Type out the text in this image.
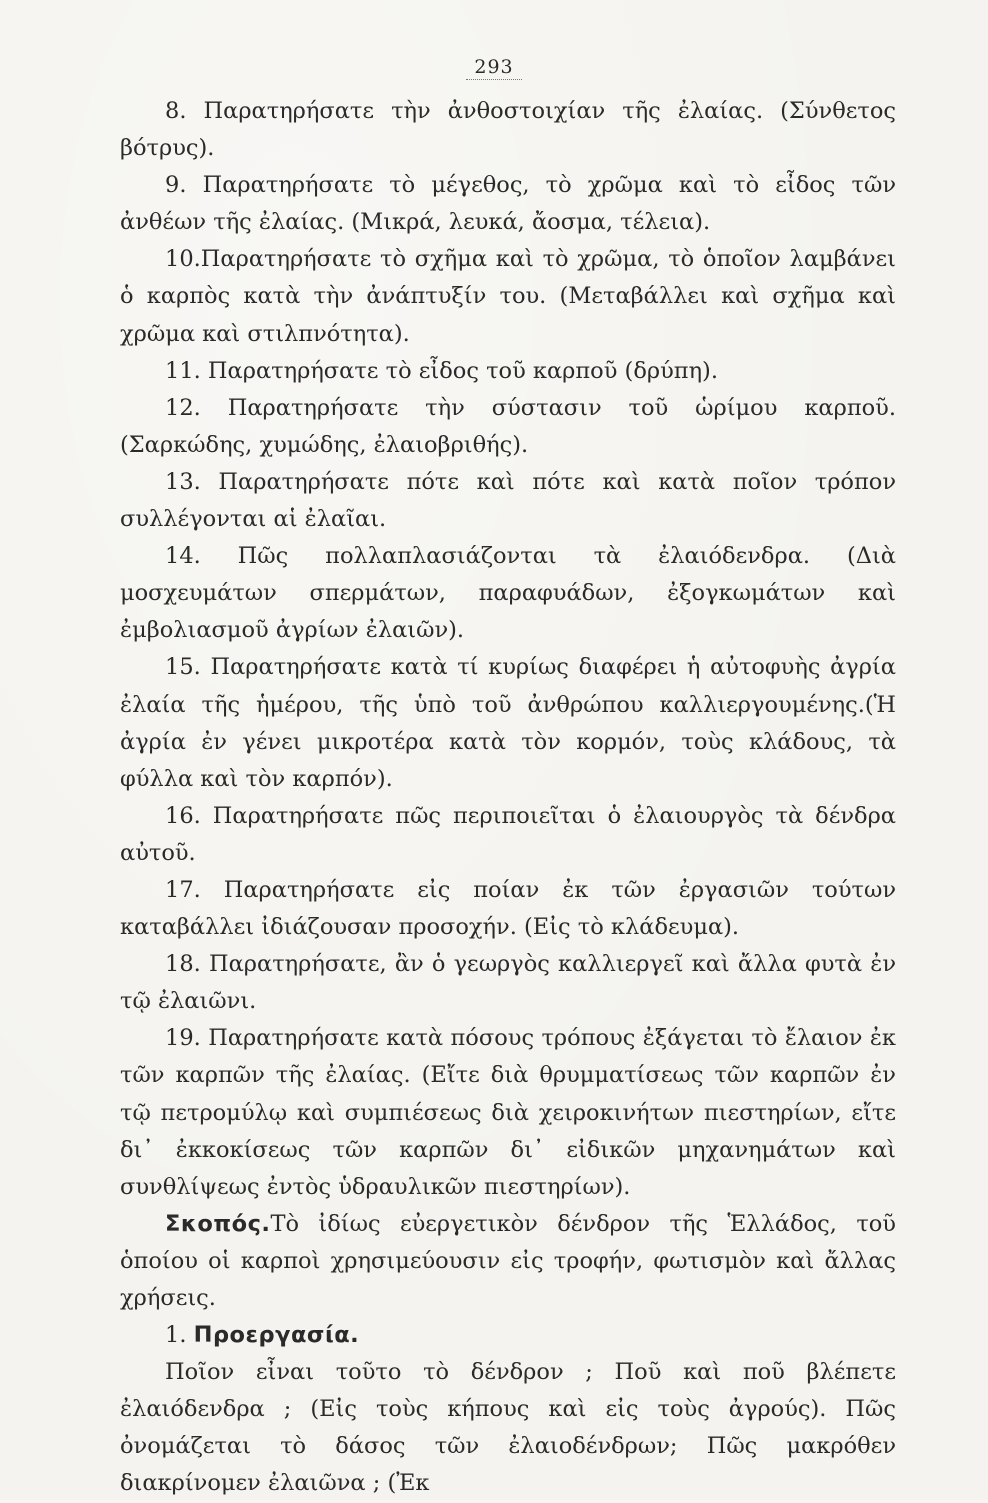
293

8. Παρατηρήσατε τὴν ἀνθοστοιχίαν τῆς ἐλαίας. (Σύνθετος βότρυς).

9. Παρατηρήσατε τὸ μέγεθος, τὸ χρῶμα καὶ τὸ εἶδος τῶν ἀνθέων τῆς ἐλαίας. (Μικρά, λευκά, ἄοσμα, τέλεια).

10.Παρατηρήσατε τὸ σχῆμα καὶ τὸ χρῶμα, τὸ ὁποῖον λαμβάνει ὁ καρπὸς κατὰ τὴν ἀνάπτυξίν του. (Μεταβάλλει καὶ σχῆμα καὶ χρῶμα καὶ στιλπνότητα).

11. Παρατηρήσατε τὸ εἶδος τοῦ καρποῦ (δρύπη).

12. Παρατηρήσατε τὴν σύστασιν τοῦ ὡρίμου καρποῦ. (Σαρκώδης, χυμώδης, ἐλαιοβριθής).

13. Παρατηρήσατε πότε καὶ πότε καὶ κατὰ ποῖον τρόπον συλλέγονται αἱ ἐλαῖαι.

14. Πῶς πολλαπλασιάζονται τὰ ἐλαιόδενδρα. (Διὰ μοσχευμάτων σπερμάτων, παραφυάδων, ἐξογκωμάτων καὶ ἐμβολιασμοῦ ἀγρίων ἐλαιῶν).

15. Παρατηρήσατε κατὰ τί κυρίως διαφέρει ἡ αὐτοφυὴς ἀγρία ἐλαία τῆς ἡμέρου, τῆς ὑπὸ τοῦ ἀνθρώπου καλλιεργουμένης.(Ἡ ἀγρία ἐν γένει μικροτέρα κατὰ τὸν κορμόν, τοὺς κλάδους, τὰ φύλλα καὶ τὸν καρπόν).

16. Παρατηρήσατε πῶς περιποιεῖται ὁ ἐλαιουργὸς τὰ δένδρα αὐτοῦ.

17. Παρατηρήσατε εἰς ποίαν ἐκ τῶν ἐργασιῶν τούτων καταβάλλει ἰδιάζουσαν προσοχήν. (Εἰς τὸ κλάδευμα).

18. Παρατηρήσατε, ἂν ὁ γεωργὸς καλλιεργεῖ καὶ ἄλλα φυτὰ ἐν τῷ ἐλαιῶνι.

19. Παρατηρήσατε κατὰ πόσους τρόπους ἐξάγεται τὸ ἔλαιον ἐκ τῶν καρπῶν τῆς ἐλαίας. (Εἴτε διὰ θρυμματίσεως τῶν καρπῶν ἐν τῷ πετρομύλῳ καὶ συμπιέσεως διὰ χειροκινήτων πιεστηρίων, εἴτε δι᾽ ἐκκοκίσεως τῶν καρπῶν δι᾽ εἰδικῶν μηχανημάτων καὶ συνθλίψεως ἐντὸς ὑδραυλικῶν πιεστηρίων).

Σκοπός.Τὸ ἰδίως εὐεργετικὸν δένδρον τῆς Ἑλλάδος, τοῦ ὁποίου οἱ καρποὶ χρησιμεύουσιν εἰς τροφήν, φωτισμὸν καὶ ἄλλας χρήσεις.

1. Προεργασία.

Ποῖον εἶναι τοῦτο τὸ δένδρον ; Ποῦ καὶ ποῦ βλέπετε ἐλαιόδενδρα ; (Εἰς τοὺς κήπους καὶ εἰς τοὺς ἀγρούς). Πῶς ὀνομάζεται τὸ δάσος τῶν ἐλαιοδένδρων; Πῶς μακρόθεν διακρίνομεν ἐλαιῶνα ; (Ἐκ
